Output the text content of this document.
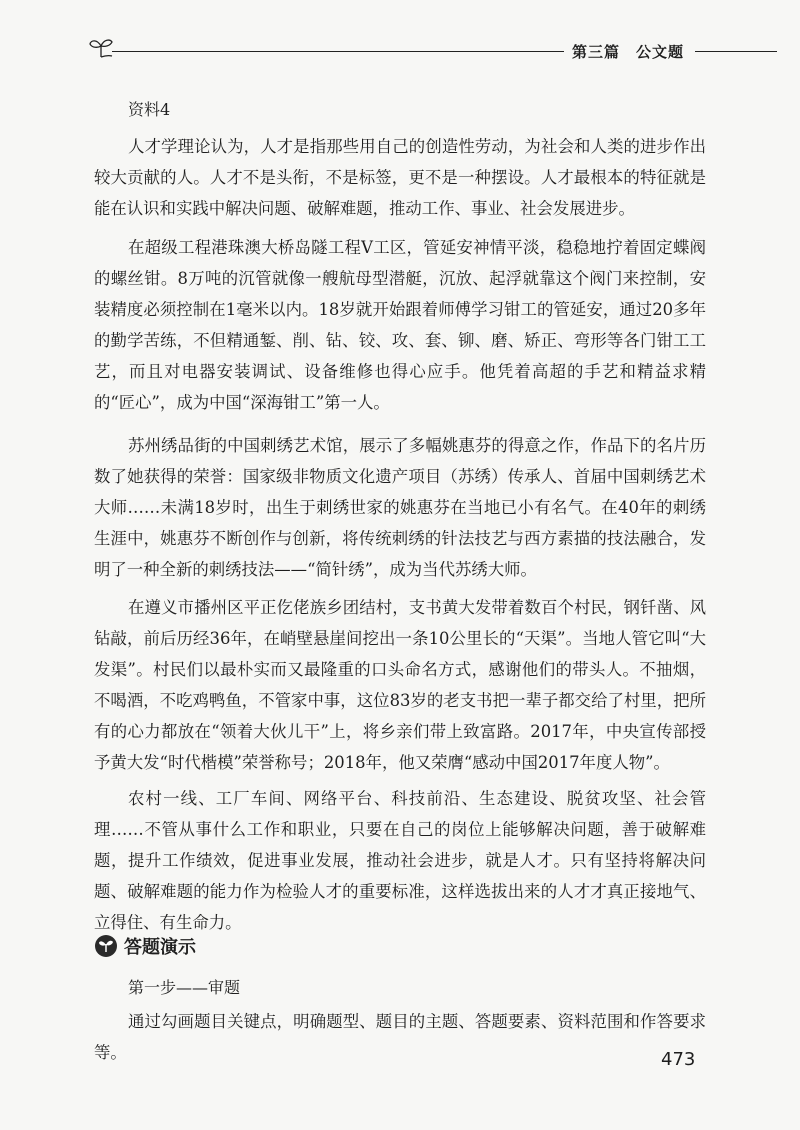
第三篇 公文题
资料4

人才学理论认为，人才是指那些用自己的创造性劳动，为社会和人类的进步作出较大贡献的人。人才不是头衔，不是标签，更不是一种摆设。人才最根本的特征就是能在认识和实践中解决问题、破解难题，推动工作、事业、社会发展进步。

在超级工程港珠澳大桥岛隧工程V工区，管延安神情平淡，稳稳地拧着固定蝶阀的螺丝钳。8万吨的沉管就像一艘航母型潜艇，沉放、起浮就靠这个阀门来控制，安装精度必须控制在1毫米以内。18岁就开始跟着师傅学习钳工的管延安，通过20多年的勤学苦练，不但精通錾、削、钻、铰、攻、套、铆、磨、矫正、弯形等各门钳工工艺，而且对电器安装调试、设备维修也得心应手。他凭着高超的手艺和精益求精的“匠心”，成为中国“深海钳工”第一人。

苏州绣品街的中国刺绣艺术馆，展示了多幅姚惠芬的得意之作，作品下的名片历数了她获得的荣誉：国家级非物质文化遗产项目（苏绣）传承人、首届中国刺绣艺术大师……未满18岁时，出生于刺绣世家的姚惠芬在当地已小有名气。在40年的刺绣生涯中，姚惠芬不断创作与创新，将传统刺绣的针法技艺与西方素描的技法融合，发明了一种全新的刺绣技法——“简针绣”，成为当代苏绣大师。

在遵义市播州区平正仡佬族乡团结村，支书黄大发带着数百个村民，钢钎凿、风钻敲，前后历经36年，在峭壁悬崖间挖出一条10公里长的“天渠”。当地人管它叫“大发渠”。村民们以最朴实而又最隆重的口头命名方式，感谢他们的带头人。不抽烟，不喝酒，不吃鸡鸭鱼，不管家中事，这位83岁的老支书把一辈子都交给了村里，把所有的心力都放在“领着大伙儿干”上，将乡亲们带上致富路。2017年，中央宣传部授予黄大发“时代楷模”荣誉称号；2018年，他又荣膺“感动中国2017年度人物”。

农村一线、工厂车间、网络平台、科技前沿、生态建设、脱贫攻坚、社会管理……不管从事什么工作和职业，只要在自己的岗位上能够解决问题，善于破解难题，提升工作绩效，促进事业发展，推动社会进步，就是人才。只有坚持将解决问题、破解难题的能力作为检验人才的重要标准，这样选拔出来的人才才真正接地气、立得住、有生命力。

答题演示
第一步——审题

通过勾画题目关键点，明确题型、题目的主题、答题要素、资料范围和作答要求等。	473
